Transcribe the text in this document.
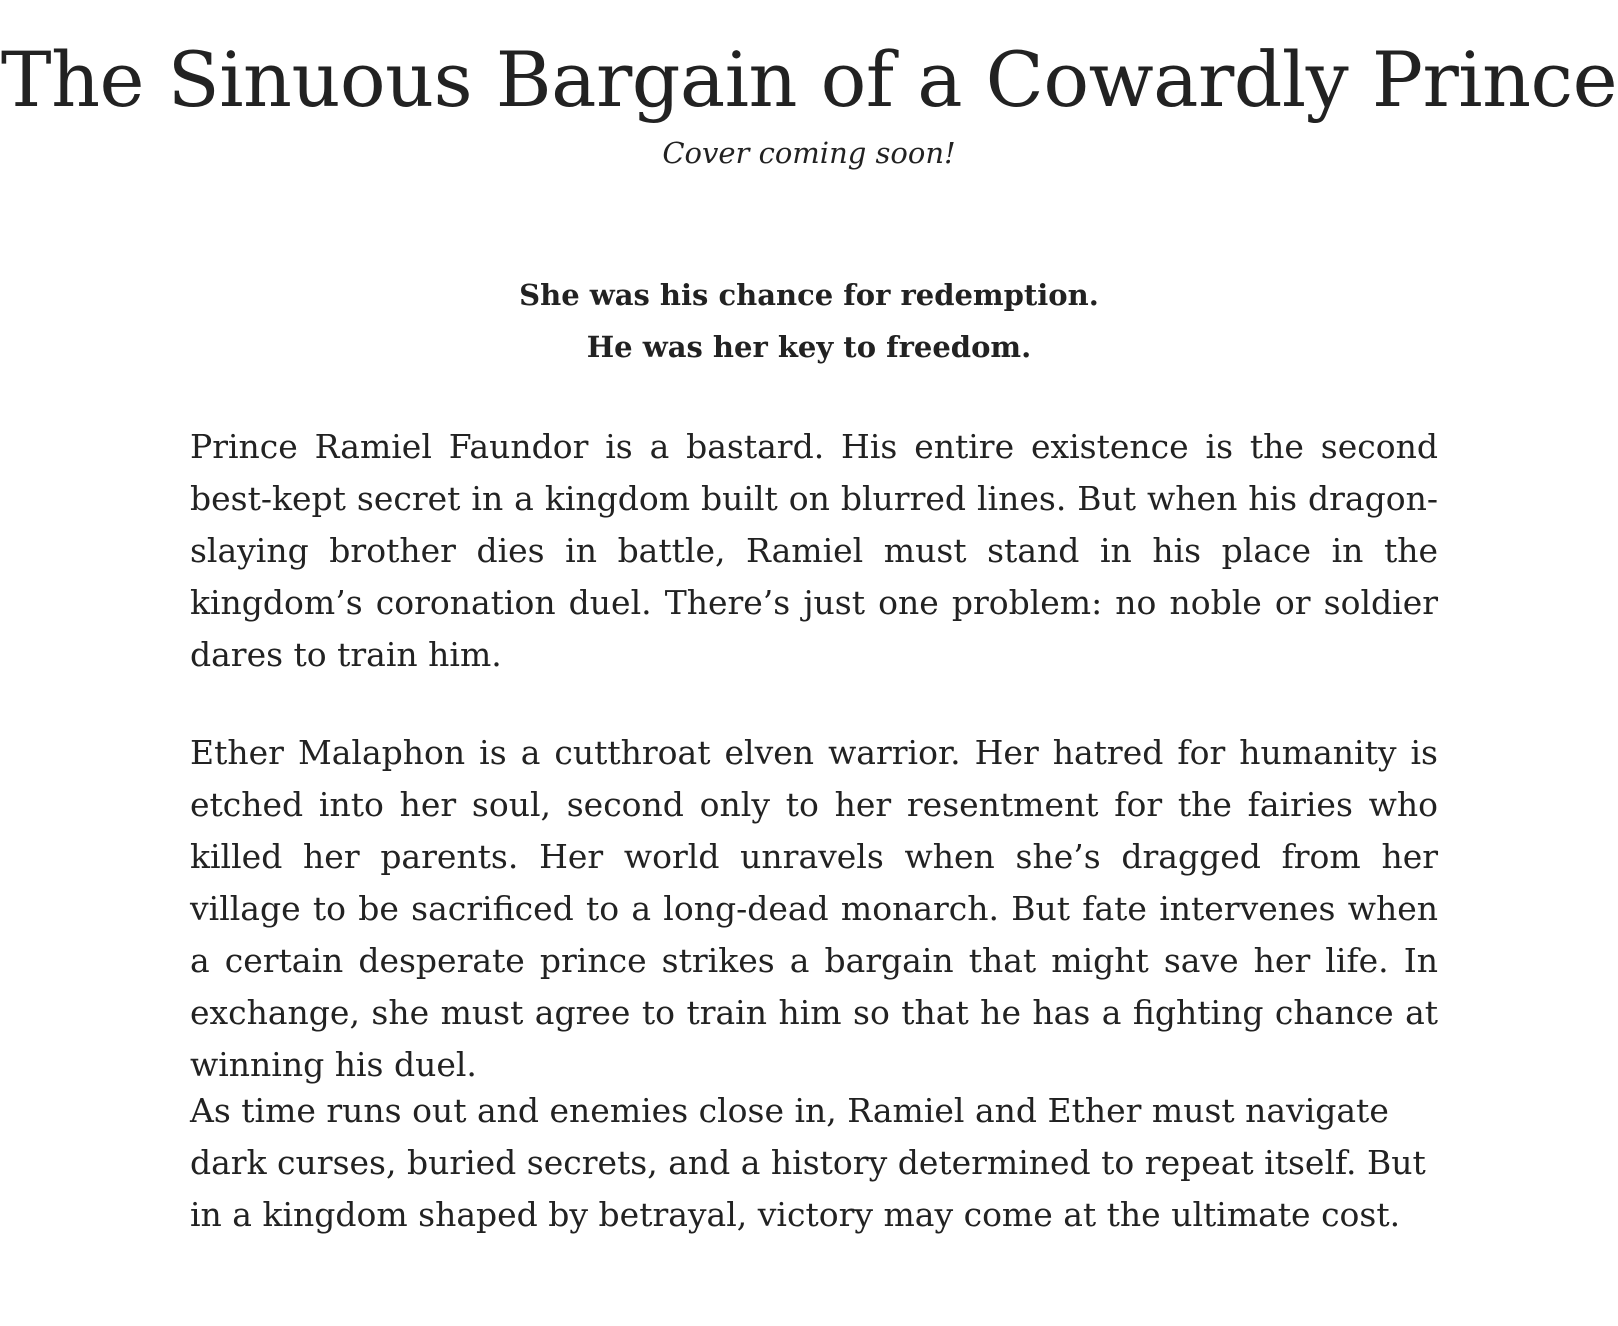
The Sinuous Bargain of a Cowardly Prince

Cover coming soon!

She was his chance for redemption.

He was her key to freedom.

Prince Ramiel Faundor is a bastard. His entire existence is the second best-kept secret in a kingdom built on blurred lines. But when his dragon-slaying brother dies in battle, Ramiel must stand in his place in the kingdom’s coronation duel. There’s just one problem: no noble or soldier dares to train him.

Ether Malaphon is a cutthroat elven warrior. Her hatred for humanity is etched into her soul, second only to her resentment for the fairies who killed her parents. Her world unravels when she’s dragged from her village to be sacrificed to a long-dead monarch. But fate intervenes when a certain desperate prince strikes a bargain that might save her life. In exchange, she must agree to train him so that he has a fighting chance at winning his duel.

As time runs out and enemies close in, Ramiel and Ether must navigate dark curses, buried secrets, and a history determined to repeat itself. But in a kingdom shaped by betrayal, victory may come at the ultimate cost.
